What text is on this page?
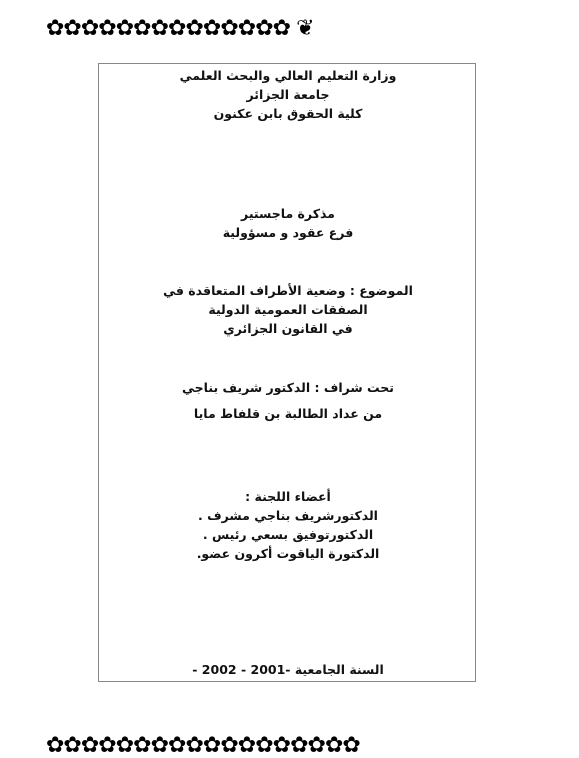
✿✿✿✿✿✿✿✿✿✿✿✿✿✿ ❦
وزارة التعليم العالي والبحث العلمي
جامعة الجزائر
كلية الحقوق بابن عكنون
مذكرة ماجستير
فرع عقود و مسؤولية
الموضوع : وضعية الأطراف المتعاقدة في
الصفقات العمومية الدولية
في القانون الجزائري
تحت شراف : الدكتور شريف بناجي
من عداد الطالبة بن قلفاط مايا
أعضاء اللجنة :
الدكتورشريف بناجي مشرف .
الدكتورتوفيق بسعي رئيس .
الدكتورة الياقوت أكرون عضو.
السنة الجامعية -2001 - 2002 -
✿✿✿✿✿✿✿✿✿✿✿✿✿✿✿✿✿✿
